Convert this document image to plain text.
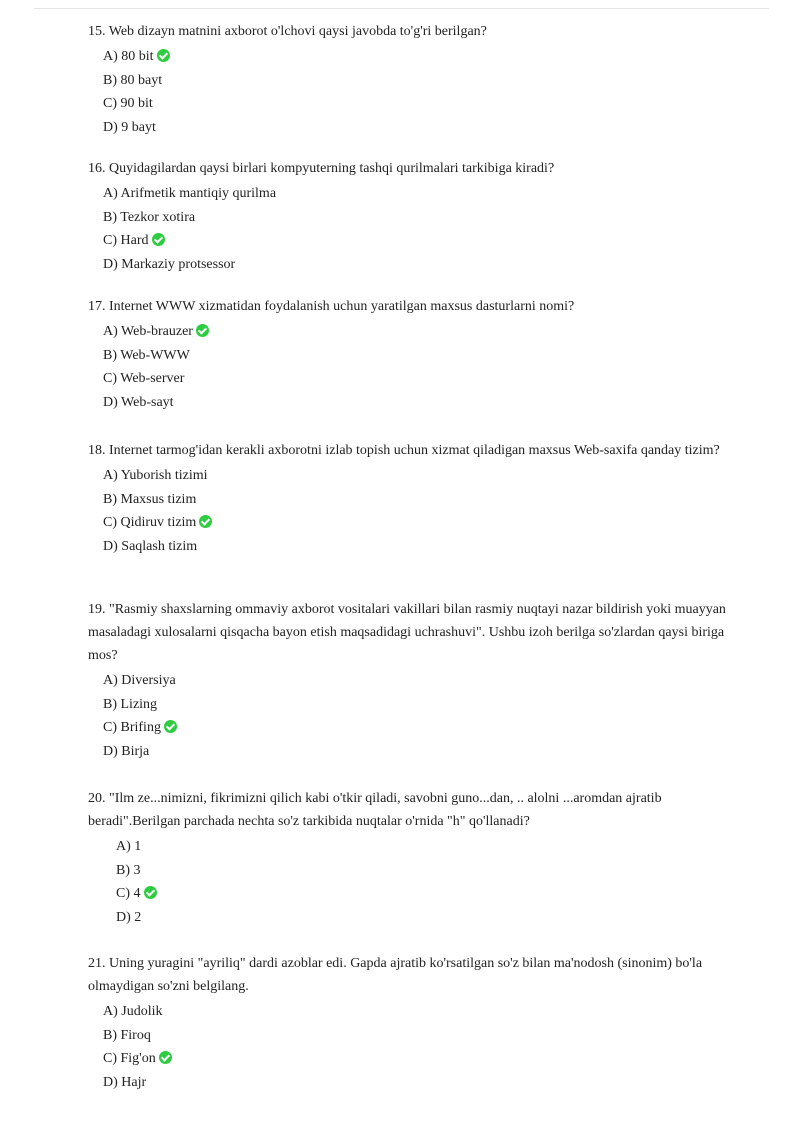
15. Web dizayn matnini axborot o'lchovi qaysi javobda to'g'ri berilgan?

A) 80 bit
B) 80 bayt
C) 90 bit
D) 9 bayt

16. Quyidagilardan qaysi birlari kompyuterning tashqi qurilmalari tarkibiga kiradi?

A) Arifmetik mantiqiy qurilma
B) Tezkor xotira
C) Hard
D) Markaziy protsessor

17. Internet WWW xizmatidan foydalanish uchun yaratilgan maxsus dasturlarni nomi?

A) Web-brauzer
B) Web-WWW
C) Web-server
D) Web-sayt

18. Internet tarmog'idan kerakli axborotni izlab topish uchun xizmat qiladigan maxsus Web-saxifa qanday tizim?

A) Yuborish tizimi
B) Maxsus tizim
C) Qidiruv tizim
D) Saqlash tizim

19. "Rasmiy shaxslarning ommaviy axborot vositalari vakillari bilan rasmiy nuqtayi nazar bildirish yoki muayyan masaladagi xulosalarni qisqacha bayon etish maqsadidagi uchrashuvi". Ushbu izoh berilga so'zlardan qaysi biriga mos?

A) Diversiya
B) Lizing
C) Brifing
D) Birja

20. "Ilm ze...nimizni, fikrimizni qilich kabi o'tkir qiladi, savobni guno...dan, .. alolni ...aromdan ajratib beradi".Berilgan parchada nechta so'z tarkibida nuqtalar o'rnida "h" qo'llanadi?

A) 1
B) 3
C) 4
D) 2

21. Uning yuragini "ayriliq" dardi azoblar edi. Gapda ajratib ko'rsatilgan so'z bilan ma'nodosh (sinonim) bo'la olmaydigan so'zni belgilang.

A) Judolik
B) Firoq
C) Fig'on
D) Hajr
